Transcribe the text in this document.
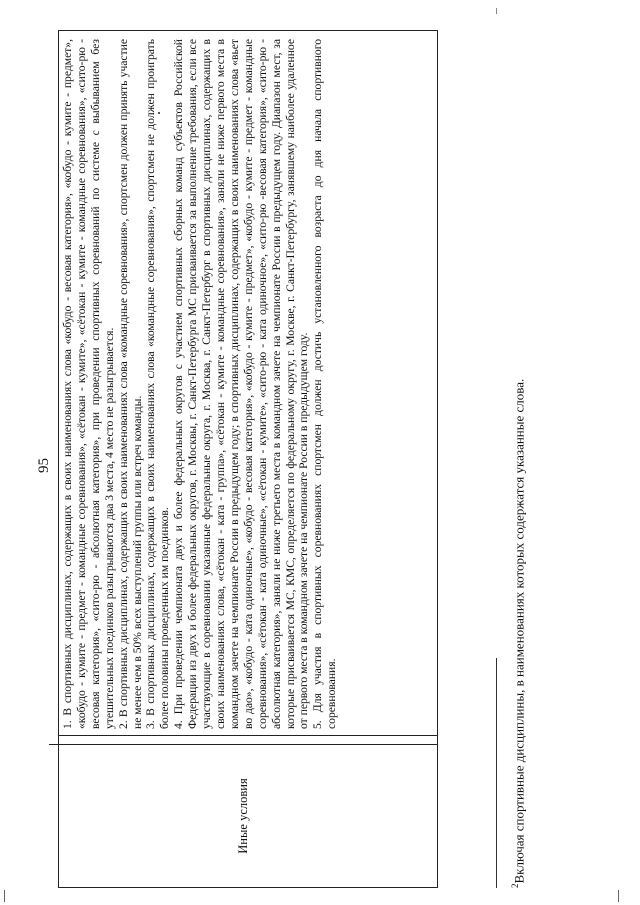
95
Иные условия

1. В спортивных дисциплинах, содержащих в своих наименованиях слова «кобудо - весовая категория», «кобудо - кумите - предмет», «кобудо - кумите - предмет - командные соревнования», «сётокан - кумите», «сётокан - кумите - командные соревнования», «сито-рю - весовая категория», «сито-рю - абсолютная категория», при проведении спортивных соревнований по системе с выбыванием без утешительных поединков разыгрываются два 3 места, 4 место не разыгрывается. 2. В спортивных дисциплинах, содержащих в своих наименованиях слова «командные соревнования», спортсмен должен принять участие не менее чем в 50% всех выступлений группы или встреч команды. 3. В спортивных дисциплинах, содержащих в своих наименованиях слова «командные соревнования», спортсмен не должен проиграть более половины проведенных им поединков. 4. При проведении чемпионата двух и более федеральных округов с участием спортивных сборных команд субъектов Российской Федерации из двух и более федеральных округов, г. Москвы, г. Санкт-Петербурга МС присваивается за выполнение требования, если все участвующие в соревновании указанные федеральные округа, г. Москва, г. Санкт-Петербург в спортивных дисциплинах, содержащих в своих наименованиях слова, «сётокан - ката - группа», «сётокан - кумите - командные соревнования», заняли не ниже первого места в командном зачете на чемпионате России в предыдущем году; в спортивных дисциплинах, содержащих в своих наименованиях слова «вьет во дао», «кобудо - ката одиночные», «кобудо - весовая категория», «кобудо - кумите - предмет», «кобудо - кумите - предмет - командные соревнования», «сётокан - ката одиночные», «сётокан - кумите», «сито-рю - ката одиночное», «сито-рю -весовая категория», «сито-рю - абсолютная категория», заняли не ниже третьего места в командном зачете на чемпионате России в предыдущем году. Диапазон мест, за которые присваивается МС, КМС, определяется по федеральному округу, г. Москве, г. Санкт-Петербургу, занявшему наиболее удаленное от первого места в командном зачете на чемпионате России в предыдущем году. 5. Для участия в спортивных соревнованиях спортсмен должен достичь установленного возраста до дня начала спортивного соревнования.

$^2$Включая спортивные дисциплины, в наименованиях которых содержатся указанные слова.
